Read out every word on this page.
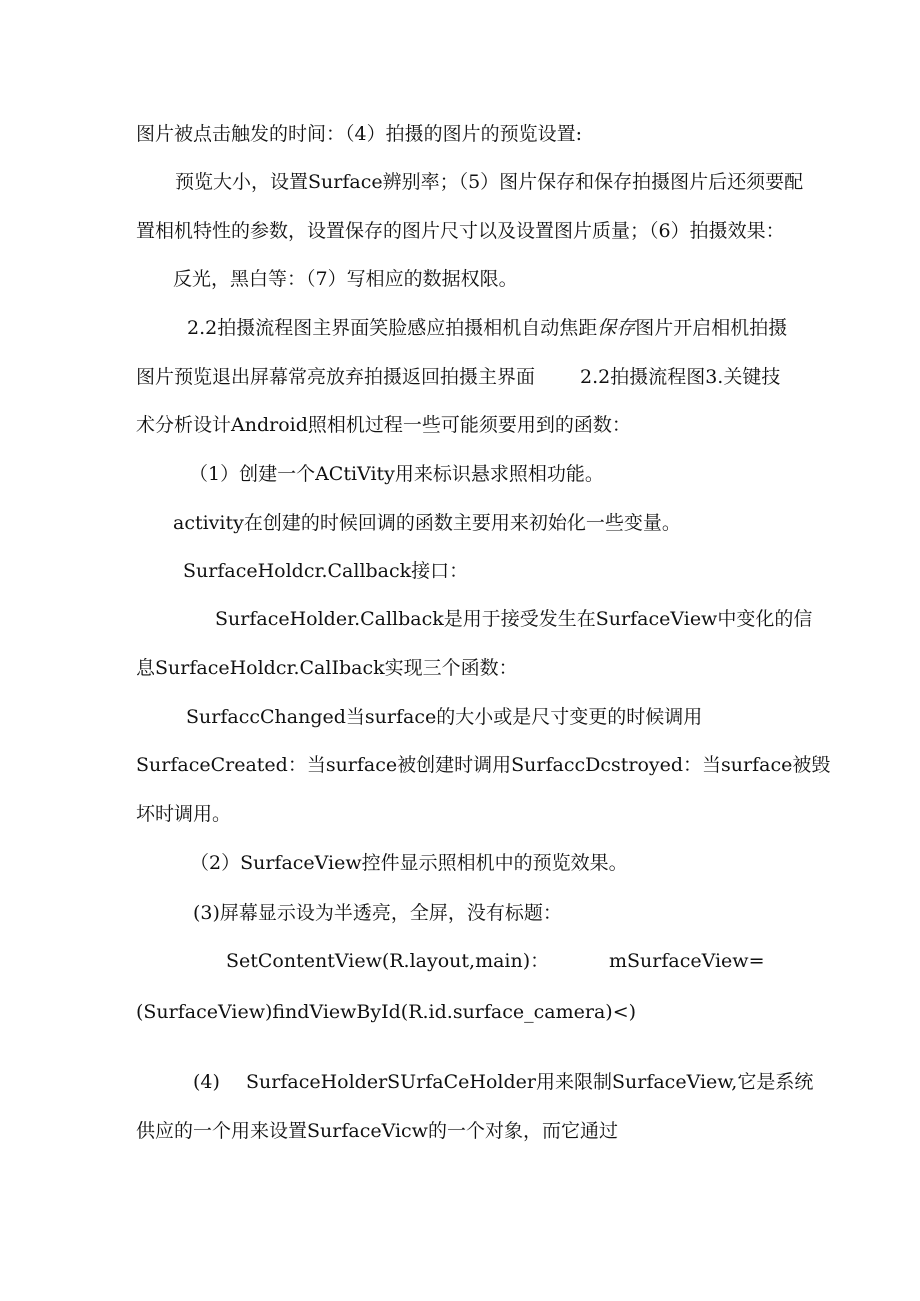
图片被点击触发的时间：（4）拍摄的图片的预览设置:
预览大小，设置Surface辨别率；（5）图片保存和保存拍摄图片后还须要配
置相机特性的参数，设置保存的图片尺寸以及设置图片质量；（6）拍摄效果：
反光，黑白等：（7）写相应的数据权限。
2.2拍摄流程图主界面笑脸感应拍摄相机自动焦距保存图片开启相机拍摄
图片预览退出屏幕常亮放弃拍摄返回拍摄主界面 2.2拍摄流程图3.关键技
术分析设计Android照相机过程一些可能须要用到的函数：
（1）创建一个ACtiVity用来标识悬求照相功能。
activity在创建的时候回调的函数主要用来初始化一些变量。
SurfaceHoldcr.Callback接口：
SurfaceHolder.Callback是用于接受发生在SurfaceView中变化的信
息SurfaceHoldcr.CalIback实现三个函数：
SurfaccChanged当surface的大小或是尺寸变更的时候调用
SurfaceCreated：当surface被创建时调用SurfaccDcstroyed：当surface被毁
坏时调用。
（2）SurfaceView控件显示照相机中的预览效果。
(3)屏幕显示设为半透亮，全屏，没有标题：
SetContentView(R.layout,main)：	mSurfaceView=
(SurfaceView)findViewById(R.id.surface_camera)<)
(4) SurfaceHolderSUrfaCeHolder用来限制SurfaceView,它是系统
供应的一个用来设置SurfaceVicw的一个对象，而它通过
